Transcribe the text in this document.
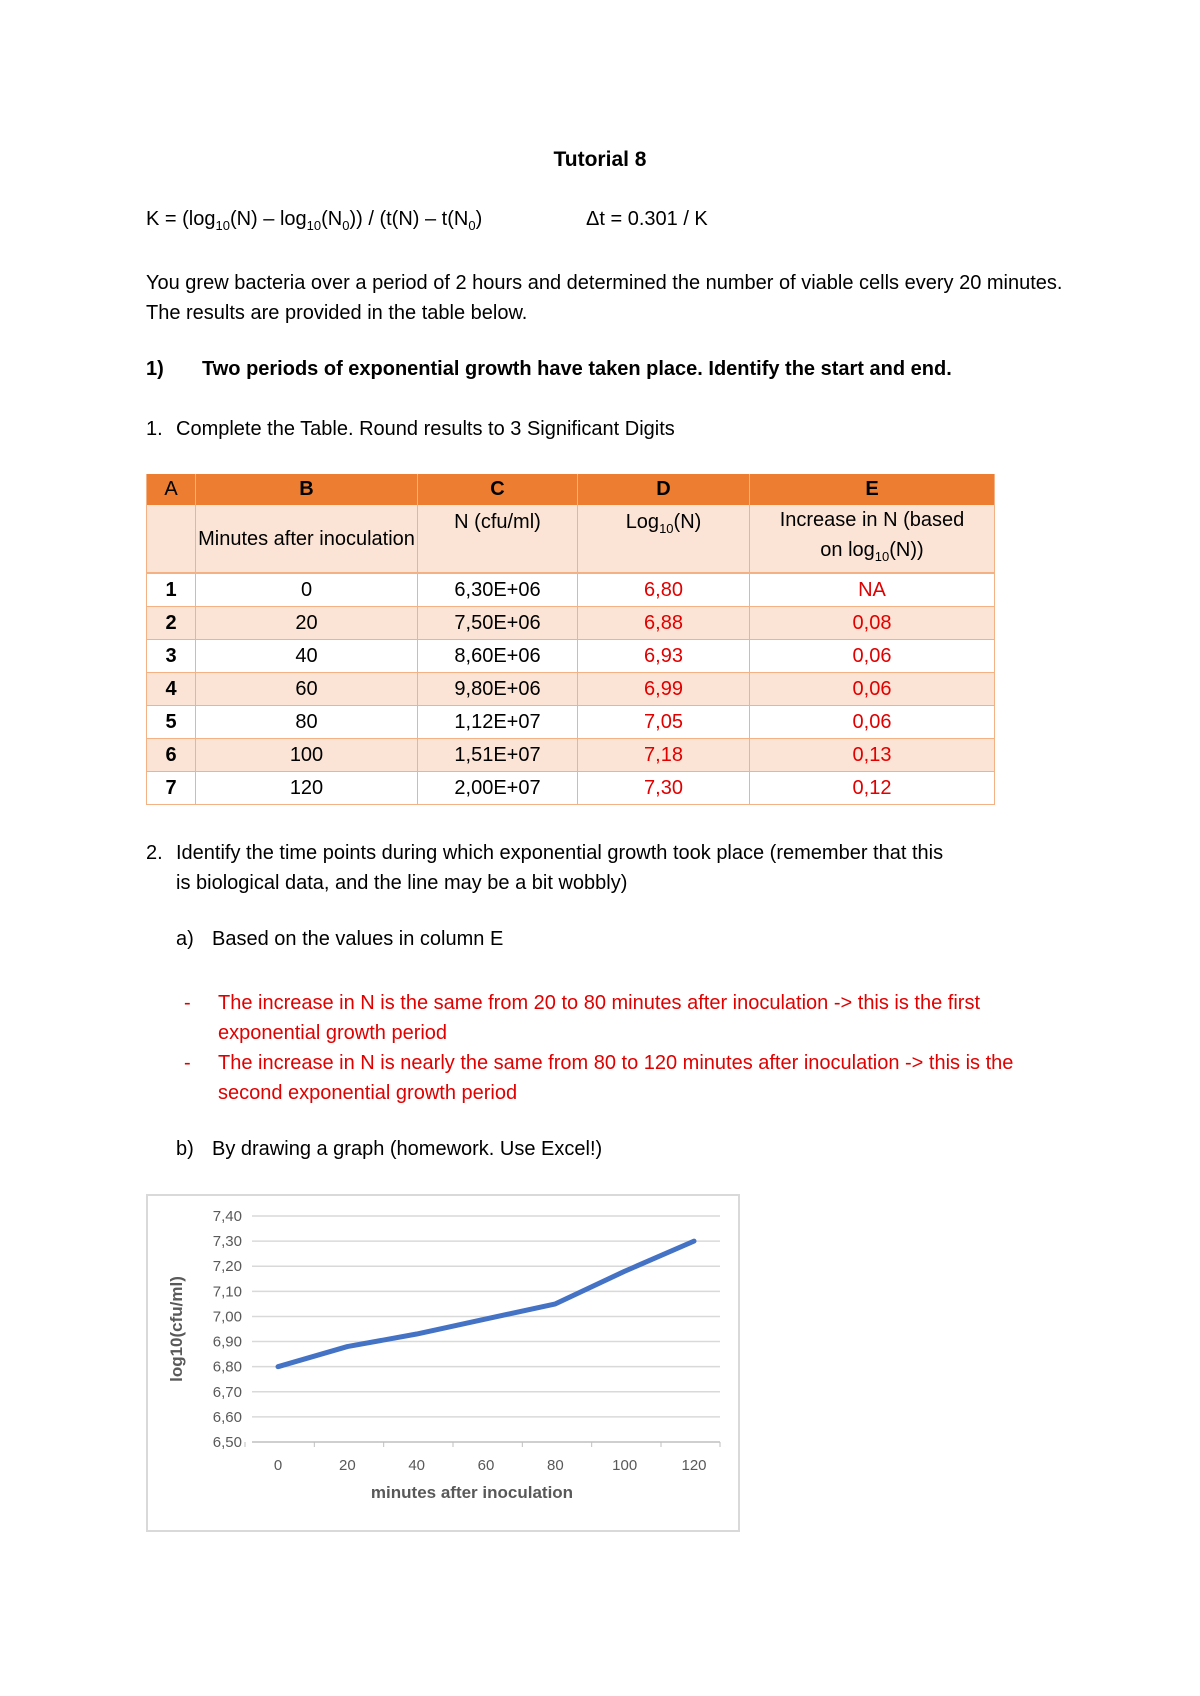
Tutorial 8
$K = (\log_{10}(N) - \log_{10}(N_0)) / (t(N) - t(N_0)$	Δt = 0.301 / K
You grew bacteria over a period of 2 hours and determined the number of viable cells every 20 minutes. The results are provided in the table below.
1) Two periods of exponential growth have taken place. Identify the start and end.
1. Complete the Table. Round results to 3 Significant Digits
A	B	C	D	E
	Minutes after inoculation	N (cfu/ml)	Log$_{10}$(N)	Increase in N (based
on $\log_{10}(N)$)
1	0	6,30E+06	6,80	NA
2	20	7,50E+06	6,88	0,08
3	40	8,60E+06	6,93	0,06
4	60	9,80E+06	6,99	0,06
5	80	1,12E+07	7,05	0,06
6	100	1,51E+07	7,18	0,13
7	120	2,00E+07	7,30	0,12
2. Identify the time points during which exponential growth took place (remember that this
is biological data, and the line may be a bit wobbly)
a) Based on the values in column E
- The increase in N is the same from 20 to 80 minutes after inoculation -> this is the first exponential growth period
- The increase in N is nearly the same from 80 to 120 minutes after inoculation -> this is the second exponential growth period
b) By drawing a graph (homework. Use Excel!)
6,50
6,60
6,70
6,80
6,90
7,00
7,10
7,20
7,30
7,40
0	20	40	60	80	100	120
minutes after inoculation
log10(cfu/ml)
